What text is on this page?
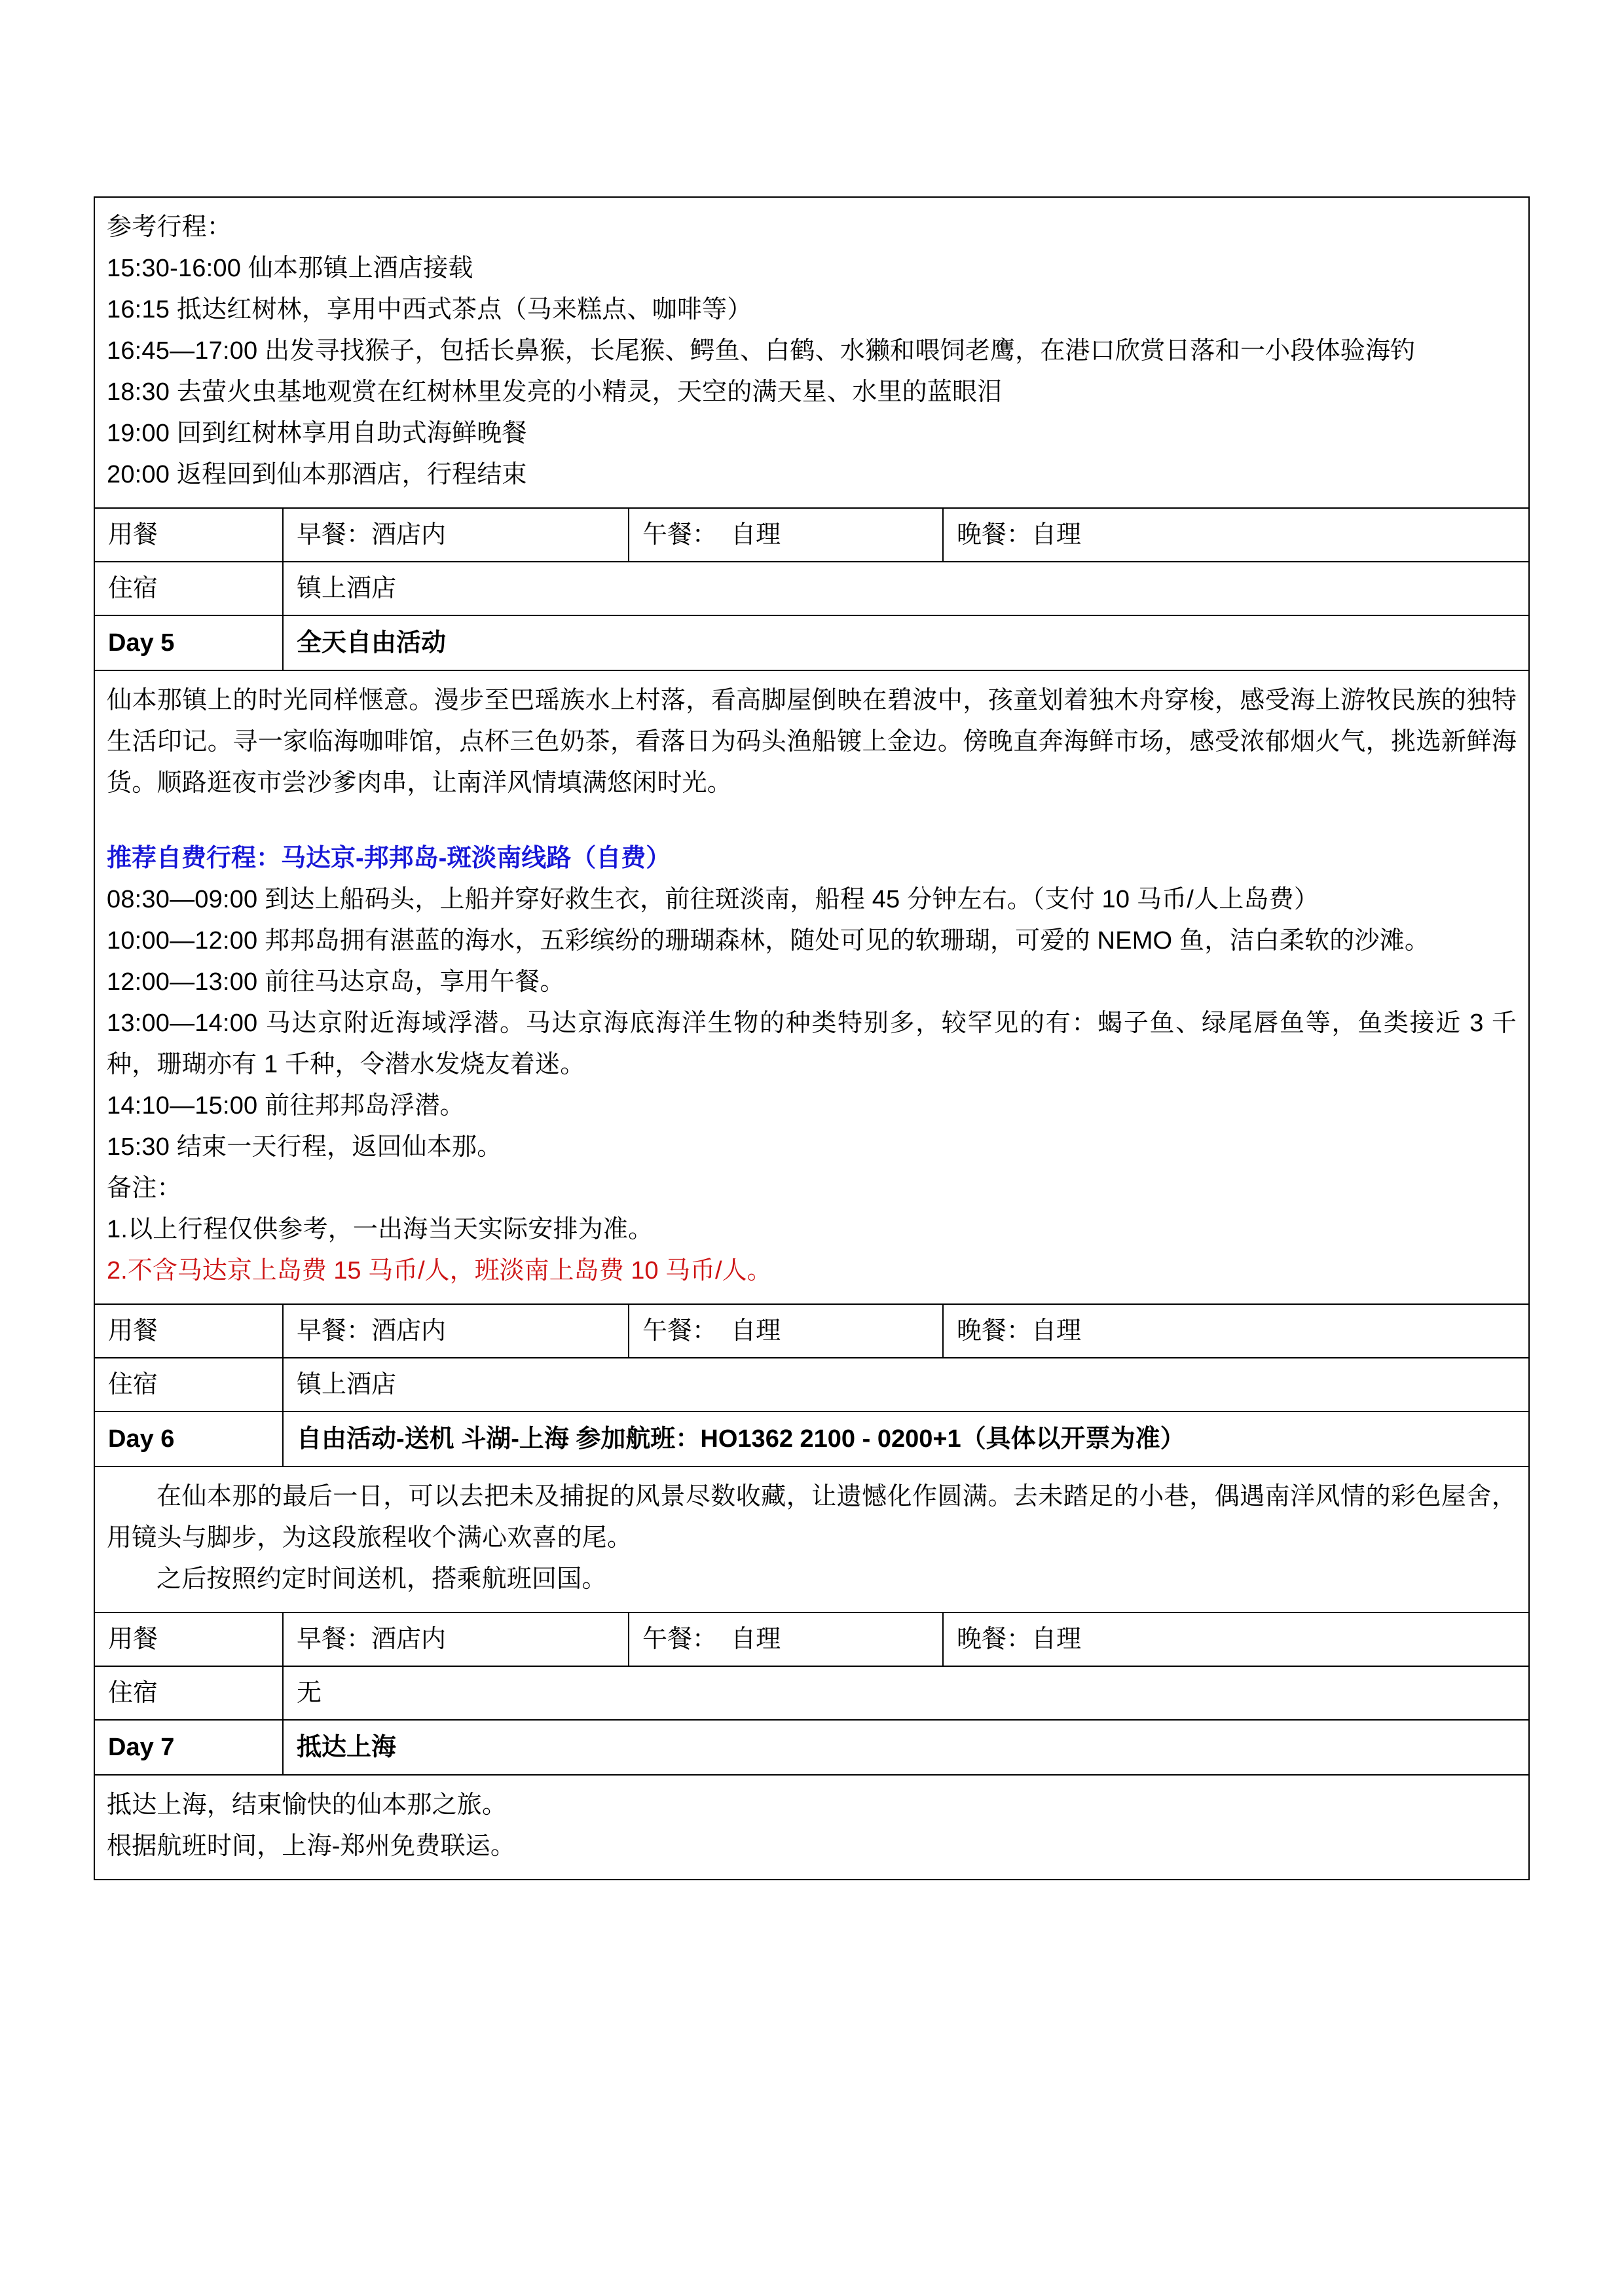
参考行程：
15:30-16:00 仙本那镇上酒店接载
16:15 抵达红树林，享用中西式茶点（马来糕点、咖啡等）
16:45—17:00 出发寻找猴子，包括长鼻猴，长尾猴、鳄鱼、白鹤、水獭和喂饲老鹰，在港口欣赏日落和一小段体验海钓
18:30 去萤火虫基地观赏在红树林里发亮的小精灵，天空的满天星、水里的蓝眼泪
19:00 回到红树林享用自助式海鲜晚餐
20:00 返程回到仙本那酒店，行程结束

用餐	早餐：酒店内	午餐：  自理	晚餐：自理

住宿	镇上酒店		

Day 5	全天自由活动		

仙本那镇上的时光同样惬意。漫步至巴瑶族水上村落，看高脚屋倒映在碧波中，孩童划着独木舟穿梭，感受海上游牧民族的独特生活印记。寻一家临海咖啡馆，点杯三色奶茶，看落日为码头渔船镀上金边。傍晚直奔海鲜市场，感受浓郁烟火气，挑选新鲜海货。顺路逛夜市尝沙爹肉串，让南洋风情填满悠闲时光。
推荐自费行程：马达京-邦邦岛-斑淡南线路（自费）
08:30—09:00 到达上船码头，上船并穿好救生衣，前往斑淡南，船程 45 分钟左右。（支付 10 马币/人上岛费）
10:00—12:00 邦邦岛拥有湛蓝的海水，五彩缤纷的珊瑚森林，随处可见的软珊瑚，可爱的 NEMO 鱼，洁白柔软的沙滩。
12:00—13:00 前往马达京岛，享用午餐。
13:00—14:00 马达京附近海域浮潜。马达京海底海洋生物的种类特别多，较罕见的有：蝎子鱼、绿尾唇鱼等，鱼类接近 3 千种，珊瑚亦有 1 千种，令潜水发烧友着迷。
14:10—15:00 前往邦邦岛浮潜。
15:30 结束一天行程，返回仙本那。
备注：
1.以上行程仅供参考，一出海当天实际安排为准。
2.不含马达京上岛费 15 马币/人，班淡南上岛费 10 马币/人。

用餐	早餐：酒店内	午餐：  自理	晚餐：自理

住宿	镇上酒店		

Day 6	自由活动-送机 斗湖-上海 参加航班：HO1362 2100 - 0200+1（具体以开票为准）		

在仙本那的最后一日，可以去把未及捕捉的风景尽数收藏，让遗憾化作圆满。去未踏足的小巷，偶遇南洋风情的彩色屋舍，用镜头与脚步，为这段旅程收个满心欢喜的尾。
之后按照约定时间送机，搭乘航班回国。			

用餐	早餐：酒店内	午餐：  自理	晚餐：自理

住宿	无		

Day 7	抵达上海		

抵达上海，结束愉快的仙本那之旅。
根据航班时间，上海-郑州免费联运。			
